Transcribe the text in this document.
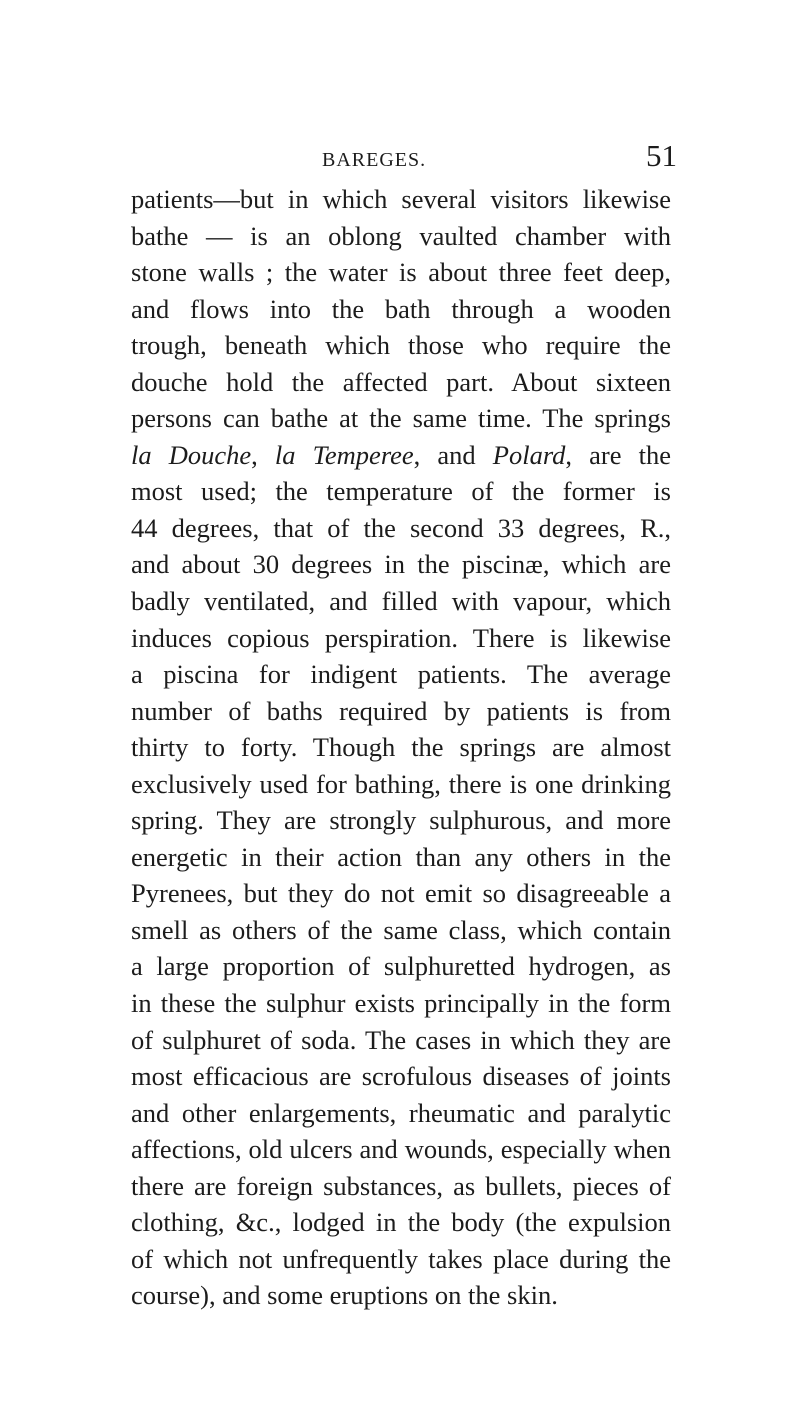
BAREGES.	51
patients—but in which several visitors likewise
bathe — is an oblong vaulted chamber with
stone walls ; the water is about three feet deep,
and flows into the bath through a wooden
trough, beneath which those who require the
douche hold the affected part. About sixteen
persons can bathe at the same time. The springs
la Douche, la Temperee, and Polard, are the
most used; the temperature of the former is
44 degrees, that of the second 33 degrees, R.,
and about 30 degrees in the piscinæ, which are
badly ventilated, and filled with vapour, which
induces copious perspiration. There is likewise
a piscina for indigent patients. The average
number of baths required by patients is from
thirty to forty. Though the springs are almost
exclusively used for bathing, there is one drinking
spring. They are strongly sulphurous, and more
energetic in their action than any others in the
Pyrenees, but they do not emit so disagreeable a
smell as others of the same class, which contain
a large proportion of sulphuretted hydrogen, as
in these the sulphur exists principally in the form
of sulphuret of soda. The cases in which they are
most efficacious are scrofulous diseases of joints
and other enlargements, rheumatic and paralytic
affections, old ulcers and wounds, especially when
there are foreign substances, as bullets, pieces of
clothing, &c., lodged in the body (the expulsion
of which not unfrequently takes place during the
course), and some eruptions on the skin.
